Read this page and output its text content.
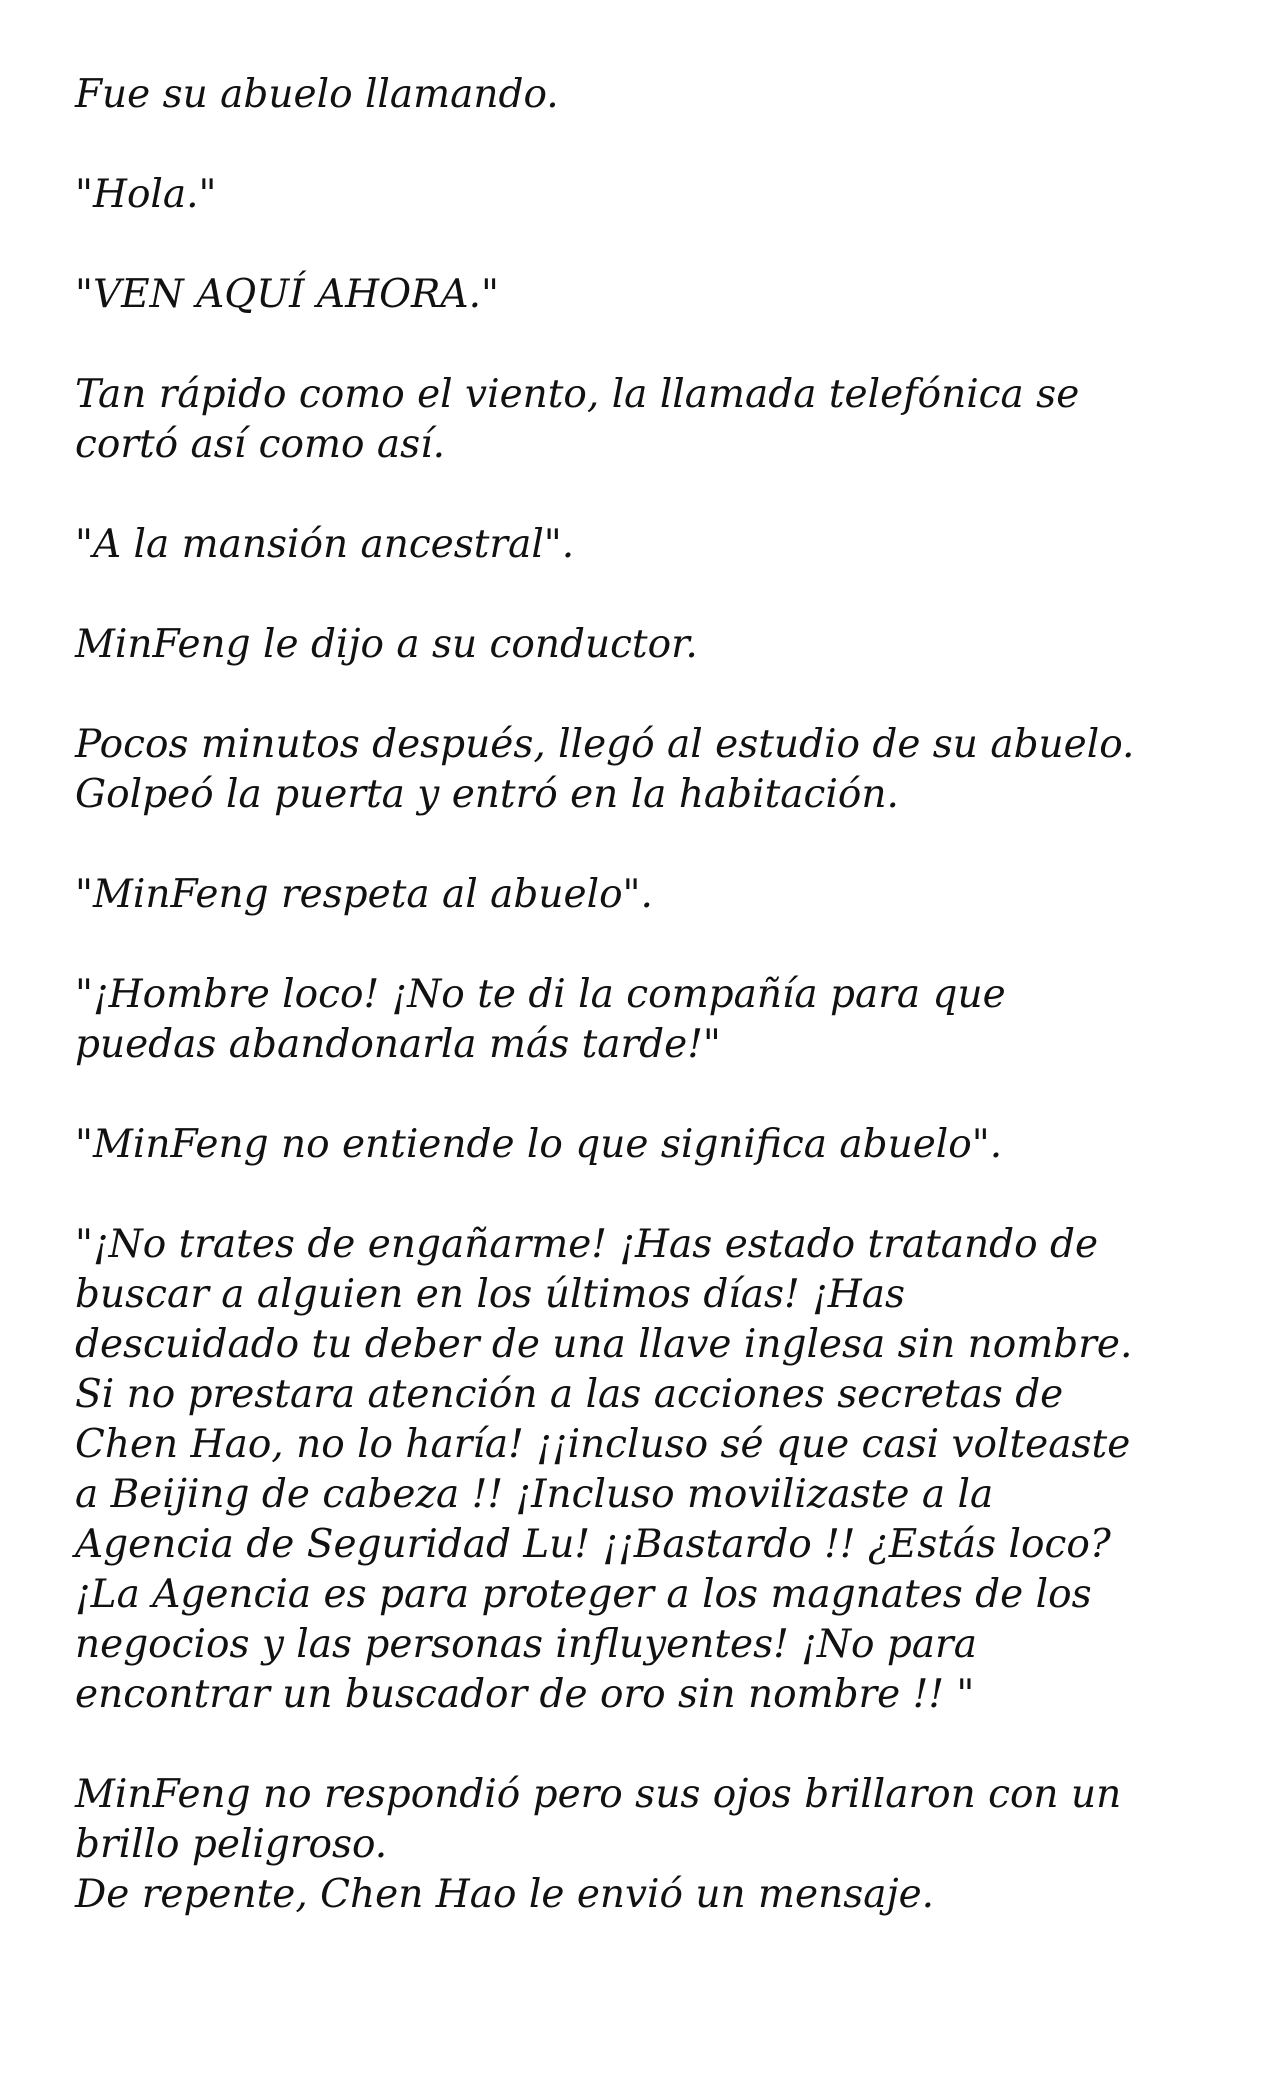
Fue su abuelo llamando.

"Hola."

"VEN AQUÍ AHORA."

Tan rápido como el viento, la llamada telefónica se
cortó así como así.

"A la mansión ancestral".

MinFeng le dijo a su conductor.

Pocos minutos después, llegó al estudio de su abuelo.
Golpeó la puerta y entró en la habitación.

"MinFeng respeta al abuelo".

"¡Hombre loco! ¡No te di la compañía para que
puedas abandonarla más tarde!"

"MinFeng no entiende lo que significa abuelo".

"¡No trates de engañarme! ¡Has estado tratando de
buscar a alguien en los últimos días! ¡Has
descuidado tu deber de una llave inglesa sin nombre.
Si no prestara atención a las acciones secretas de
Chen Hao, no lo haría! ¡¡incluso sé que casi volteaste
a Beijing de cabeza !! ¡Incluso movilizaste a la
Agencia de Seguridad Lu! ¡¡Bastardo !! ¿Estás loco?
¡La Agencia es para proteger a los magnates de los
negocios y las personas influyentes! ¡No para
encontrar un buscador de oro sin nombre !! "

MinFeng no respondió pero sus ojos brillaron con un
brillo peligroso.

De repente, Chen Hao le envió un mensaje.
